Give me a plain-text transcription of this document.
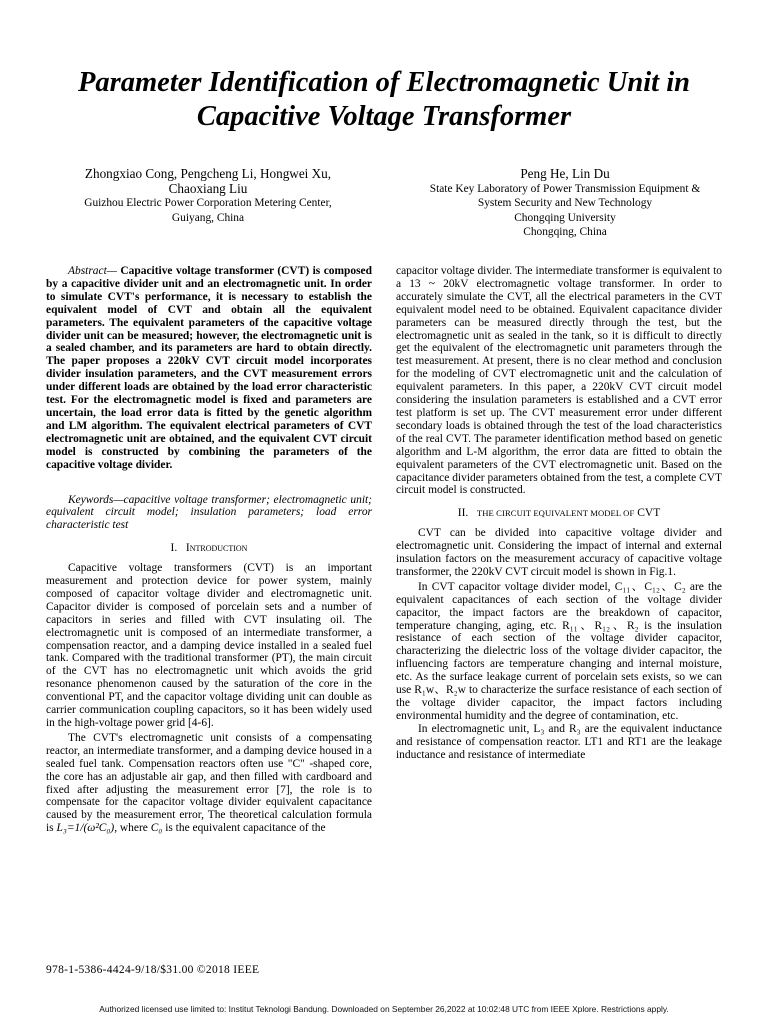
Parameter Identification of Electromagnetic Unit in
Capacitive Voltage Transformer
Zhongxiao Cong, Pengcheng Li, Hongwei Xu,
Chaoxiang Liu
Guizhou Electric Power Corporation Metering Center,
Guiyang, China
Peng He, Lin Du
State Key Laboratory of Power Transmission Equipment &
System Security and New Technology
Chongqing University
Chongqing, China

Abstract— Capacitive voltage transformer (CVT) is composed by a capacitive divider unit and an electromagnetic unit. In order to simulate CVT's performance, it is necessary to establish the equivalent model of CVT and obtain all the equivalent parameters. The equivalent parameters of the capacitive voltage divider unit can be measured; however, the electromagnetic unit is a sealed chamber, and its parameters are hard to obtain directly. The paper proposes a 220kV CVT circuit model incorporates divider insulation parameters, and the CVT measurement errors under different loads are obtained by the load error characteristic test. For the electromagnetic model is fixed and parameters are uncertain, the load error data is fitted by the genetic algorithm and LM algorithm. The equivalent electrical parameters of CVT electromagnetic unit are obtained, and the equivalent CVT circuit model is constructed by combining the parameters of the capacitive voltage divider.

Keywords—capacitive voltage transformer; electromagnetic unit; equivalent circuit model; insulation parameters; load error characteristic test

I. Introduction

Capacitive voltage transformers (CVT) is an important measurement and protection device for power system, mainly composed of capacitor voltage divider and electromagnetic unit. Capacitor divider is composed of porcelain sets and a number of capacitors in series and filled with CVT insulating oil. The electromagnetic unit is composed of an intermediate transformer, a compensation reactor, and a damping device installed in a sealed fuel tank. Compared with the traditional transformer (PT), the main circuit of the CVT has no electromagnetic unit which avoids the grid resonance phenomenon caused by the saturation of the core in the conventional PT, and the capacitor voltage dividing unit can double as carrier communication coupling capacitors, so it has been widely used in the high-voltage power grid [4-6].

The CVT's electromagnetic unit consists of a compensating reactor, an intermediate transformer, and a damping device housed in a sealed fuel tank. Compensation reactors often use "C" -shaped core, the core has an adjustable air gap, and then filled with cardboard and fixed after adjusting the measurement error [7], the role is to compensate for the capacitor voltage divider equivalent capacitance caused by the measurement error, The theoretical calculation formula is L₃=1/(ω²C₀), where C₀ is the equivalent capacitance of the

capacitor voltage divider. The intermediate transformer is equivalent to a 13 ~ 20kV electromagnetic voltage transformer. In order to accurately simulate the CVT, all the electrical parameters in the CVT equivalent model need to be obtained. Equivalent capacitance divider parameters can be measured directly through the test, but the electromagnetic unit as sealed in the tank, so it is difficult to directly get the equivalent of the electromagnetic unit parameters through the test measurement. At present, there is no clear method and conclusion for the modeling of CVT electromagnetic unit and the calculation of equivalent parameters. In this paper, a 220kV CVT circuit model considering the insulation parameters is established and a CVT error test platform is set up. The CVT measurement error under different secondary loads is obtained through the test of the load characteristics of the real CVT. The parameter identification method based on genetic algorithm and L-M algorithm, the error data are fitted to obtain the equivalent parameters of the CVT electromagnetic unit. Based on the capacitance divider parameters obtained from the test, a complete CVT circuit model is constructed.

II. THE CIRCUIT EQUIVALENT MODEL OF CVT

CVT can be divided into capacitive voltage divider and electromagnetic unit. Considering the impact of internal and external insulation factors on the measurement accuracy of capacitive voltage transformer, the 220kV CVT circuit model is shown in Fig.1.

In CVT capacitor voltage divider model, C₁₁、C₁₂、C₂ are the equivalent capacitances of each section of the voltage divider capacitor, the impact factors are the breakdown of capacitor, temperature changing, aging, etc. R₁₁、R₁₂、R₂ is the insulation resistance of each section of the voltage divider capacitor, characterizing the dielectric loss of the voltage divider capacitor, the influencing factors are temperature changing and internal moisture, etc. As the surface leakage current of porcelain sets exists, so we can use R₁w、R₂w to characterize the surface resistance of each section of the voltage divider capacitor, the impact factors including environmental humidity and the degree of contamination, etc.

In electromagnetic unit, L₃ and R₃ are the equivalent inductance and resistance of compensation reactor. LT1 and RT1 are the leakage inductance and resistance of intermediate

978-1-5386-4424-9/18/$31.00 ©2018 IEEE
Authorized licensed use limited to: Institut Teknologi Bandung. Downloaded on September 26,2022 at 10:02:48 UTC from IEEE Xplore. Restrictions apply.
